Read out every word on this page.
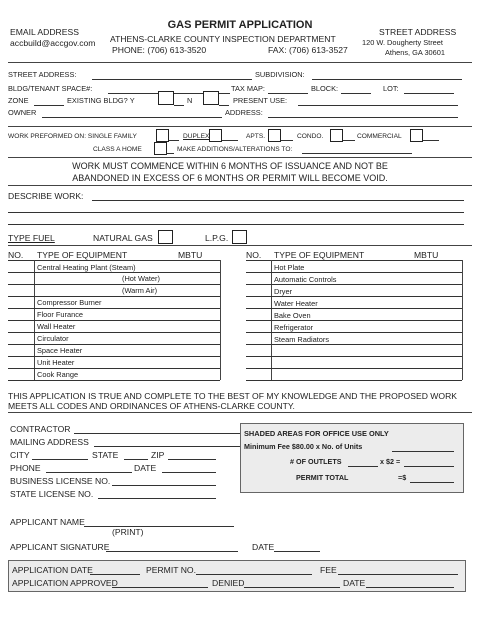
EMAIL ADDRESS
accbuild@accgov.com
GAS PERMIT APPLICATION
ATHENS-CLARKE COUNTY INSPECTION DEPARTMENT
PHONE: (706) 613-3520	FAX: (706) 613-3527
STREET ADDRESS
120 W. Dougherty Street
Athens, GA 30601
STREET ADDRESS:	SUBDIVISION:
BLDG/TENANT SPACE#:	TAX MAP:	BLOCK:	LOT:
ZONE	EXISTING BLDG? Y	N	PRESENT USE:
OWNER	ADDRESS:
WORK PREFORMED ON: SINGLE FAMILY	DUPLEX	APTS.	CONDO.	COMMERCIAL
CLASS A HOME	MAKE ADDITIONS/ALTERATIONS TO:
WORK MUST COMMENCE WITHIN 6 MONTHS OF ISSUANCE AND NOT BE
ABANDONED IN EXCESS OF 6 MONTHS OR PERMIT WILL BECOME VOID.
DESCRIBE WORK:
TYPE FUEL	NATURAL GAS	L.P.G.
NO. TYPE OF EQUIPMENT	MBTU
Central Heating Plant (Steam)
(Hot Water)
(Warm Air)
Compressor Burner
Floor Furance
Wall Heater
Circulator
Space Heater
Unit Heater
Cook Range
NO. TYPE OF EQUIPMENT	MBTU
Hot Plate
Automatic Controls
Dryer
Water Heater
Bake Oven
Refrigerator
Steam Radiators
THIS APPLICATION IS TRUE AND COMPLETE TO THE BEST OF MY KNOWLEDGE AND THE PROPOSED WORK
MEETS ALL CODES AND ORDINANCES OF ATHENS-CLARKE COUNTY.
CONTRACTOR
MAILING ADDRESS
CITY	STATE	ZIP
PHONE	DATE
BUSINESS LICENSE NO.
STATE LICENSE NO.
SHADED AREAS FOR OFFICE USE ONLY
Minimum Fee $80.00 x No. of Units
# OF OUTLETS	x $2 =
PERMIT TOTAL	=$
APPLICANT NAME
(PRINT)
APPLICANT SIGNATURE	DATE
APPLICATION DATE	PERMIT NO.	FEE
APPLICATION APPROVED	DENIED	DATE
